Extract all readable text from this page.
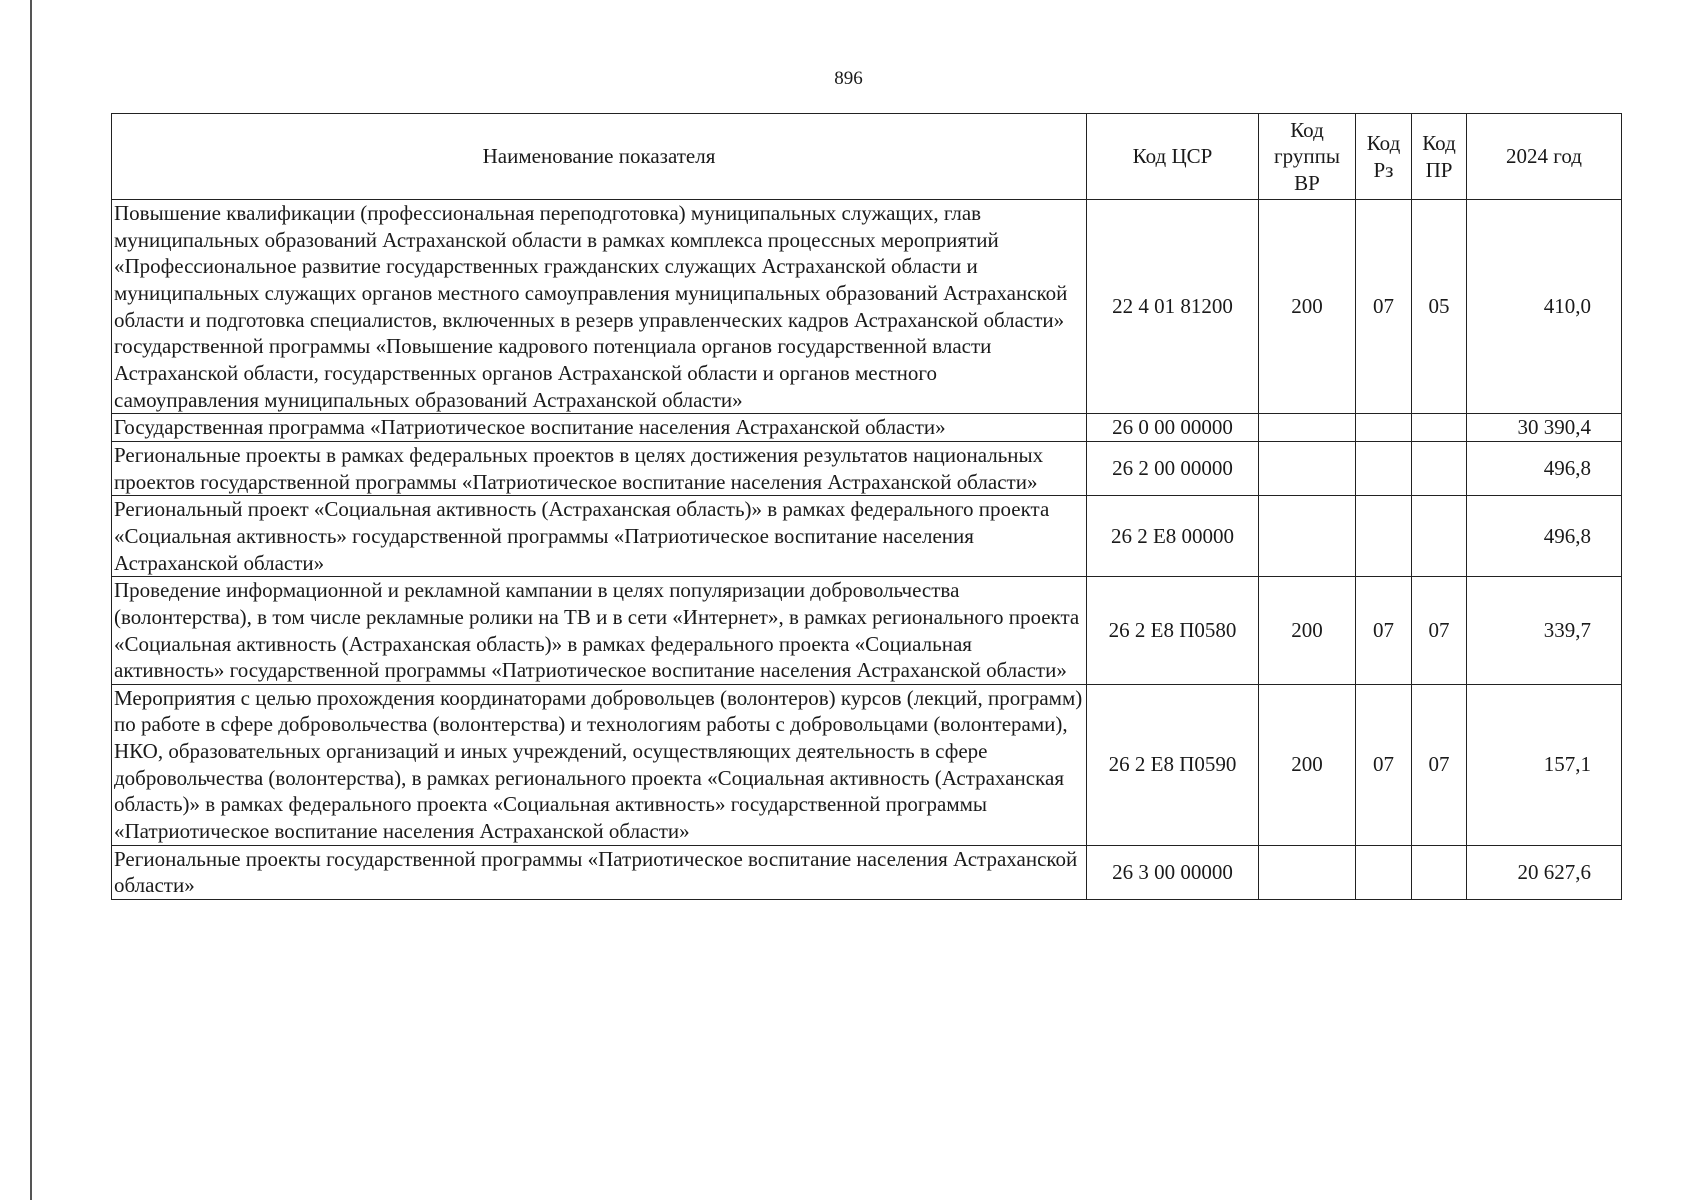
896
Наименование показателя	Код ЦСР	Код группы ВР	Код Рз	Код ПР	2024 год
Повышение квалификации (профессиональная переподготовка) муниципальных служащих, глав муниципальных образований Астраханской области в рамках комплекса процессных мероприятий «Профессиональное развитие государственных гражданских служащих Астраханской области и муниципальных служащих органов местного самоуправления муниципальных образований Астраханской области и подготовка специалистов, включенных в резерв управленческих кадров Астраханской области» государственной программы «Повышение кадрового потенциала органов государственной власти Астраханской области, государственных органов Астраханской области и органов местного самоуправления муниципальных образований Астраханской области»	22 4 01 81200	200	07	05	410,0
Государственная программа «Патриотическое воспитание населения Астраханской области»	26 0 00 00000				30 390,4
Региональные проекты в рамках федеральных проектов в целях достижения результатов национальных проектов государственной программы «Патриотическое воспитание населения Астраханской области»	26 2 00 00000				496,8
Региональный проект «Социальная активность (Астраханская область)» в рамках федерального проекта «Социальная активность» государственной программы «Патриотическое воспитание населения Астраханской области»	26 2 E8 00000				496,8
Проведение информационной и рекламной кампании в целях популяризации добровольчества (волонтерства), в том числе рекламные ролики на ТВ и в сети «Интернет», в рамках регионального проекта «Социальная активность (Астраханская область)» в рамках федерального проекта «Социальная активность» государственной программы «Патриотическое воспитание населения Астраханской области»	26 2 E8 П0580	200	07	07	339,7
Мероприятия с целью прохождения координаторами добровольцев (волонтеров) курсов (лекций, программ) по работе в сфере добровольчества (волонтерства) и технологиям работы с добровольцами (волонтерами), НКО, образовательных организаций и иных учреждений, осуществляющих деятельность в сфере добровольчества (волонтерства), в рамках регионального проекта «Социальная активность (Астраханская область)» в рамках федерального проекта «Социальная активность» государственной программы «Патриотическое воспитание населения Астраханской области»	26 2 E8 П0590	200	07	07	157,1
Региональные проекты государственной программы «Патриотическое воспитание населения Астраханской области»	26 3 00 00000				20 627,6
